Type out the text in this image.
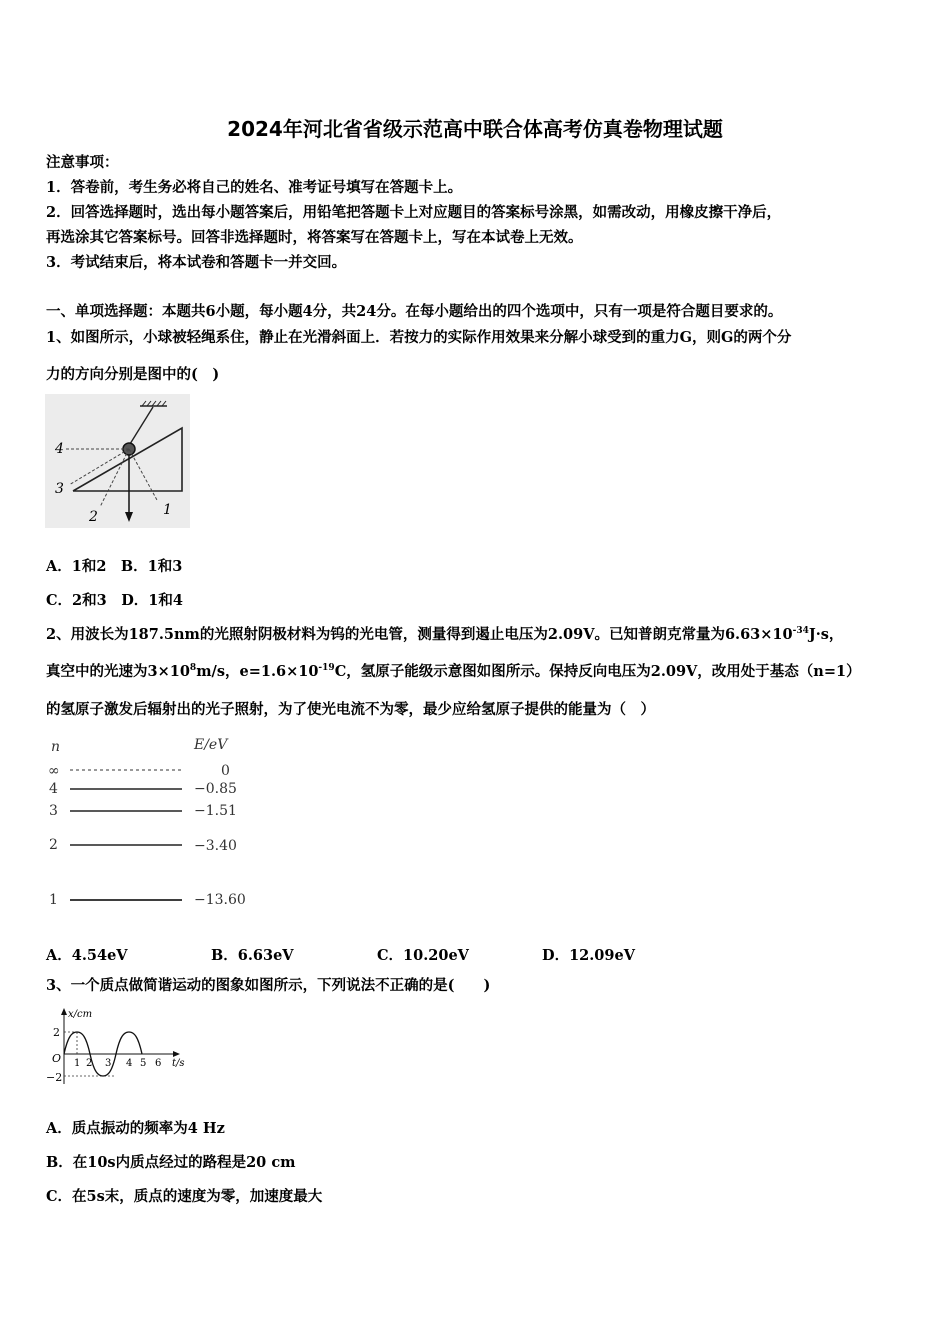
2024年河北省省级示范高中联合体高考仿真卷物理试题
注意事项：
1．答卷前，考生务必将自己的姓名、准考证号填写在答题卡上。
2．回答选择题时，选出每小题答案后，用铅笔把答题卡上对应题目的答案标号涂黑，如需改动，用橡皮擦干净后，
再选涂其它答案标号。回答非选择题时，将答案写在答题卡上，写在本试卷上无效。
3．考试结束后，将本试卷和答题卡一并交回。
一、单项选择题：本题共6小题，每小题4分，共24分。在每小题给出的四个选项中，只有一项是符合题目要求的。
1、如图所示，小球被轻绳系住，静止在光滑斜面上．若按力的实际作用效果来分解小球受到的重力G，则G的两个分
力的方向分别是图中的(　)
4
3
2	1
A．1和2　B．1和3
C．2和3　D．1和4
2、用波长为187.5nm的光照射阴极材料为钨的光电管，测量得到遏止电压为2.09V。已知普朗克常量为$6.63\times 10^{-34}J\cdot s$，
真空中的光速为$3\times 10^8m/s$，$e=1.6\times 10^{-19}C$，氢原子能级示意图如图所示。保持反向电压为2.09V，改用处于基态（n=1）
的氢原子激发后辐射出的光子照射，为了使光电流不为零，最少应给氢原子提供的能量为（　）
n	E/eV
∞	0
4	−0.85
3	−1.51
2	−3.40
1	−13.60
A．4.54eV	B．6.63eV	C．10.20eV	D．12.09eV
3、一个质点做简谐运动的图象如图所示，下列说法不正确的是(　　)
x/cm
t/s
O
2
−2
1 2 3 4 5 6
A．质点振动的频率为4 Hz
B．在10s内质点经过的路程是20 cm
C．在5s末，质点的速度为零，加速度最大
